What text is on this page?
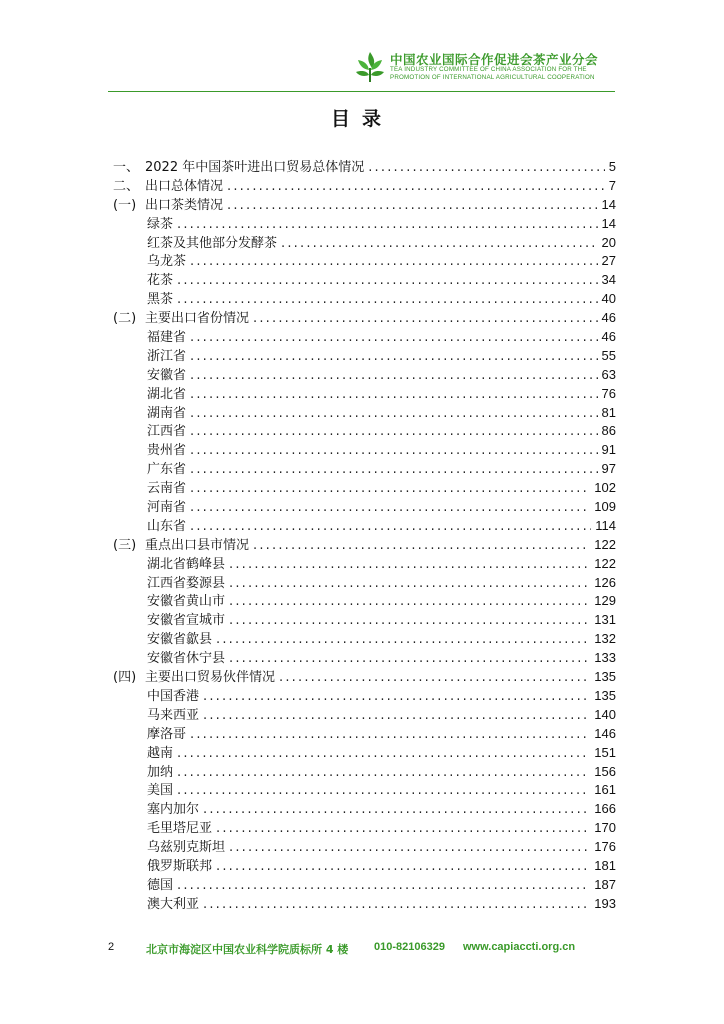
中国农业国际合作促进会茶产业分会
TEA INDUSTRY COMMITTEE OF CHINA ASSOCIATION FOR THE
PROMOTION OF INTERNATIONAL AGRICULTURAL COOPERATION
目录
一、 2022 年中国茶叶进出口贸易总体情况 .....	5
二、 出口总体情况 .....	7
(一) 出口茶类情况 .....	14
绿茶 .....	14
红茶及其他部分发酵茶 .....	20
乌龙茶 .....	27
花茶 .....	34
黑茶 .....	40
(二) 主要出口省份情况 .....	46
福建省 .....	46
浙江省 .....	55
安徽省 .....	63
湖北省 .....	76
湖南省 .....	81
江西省 .....	86
贵州省 .....	91
广东省 .....	97
云南省 .....	102
河南省 .....	109
山东省 .....	114
(三) 重点出口县市情况 .....	122
湖北省鹤峰县 .....	122
江西省婺源县 .....	126
安徽省黄山市 .....	129
安徽省宣城市 .....	131
安徽省歙县 .....	132
安徽省休宁县 .....	133
(四) 主要出口贸易伙伴情况 .....	135
中国香港 .....	135
马来西亚 .....	140
摩洛哥 .....	146
越南 .....	151
加纳 .....	156
美国 .....	161
塞内加尔 .....	166
毛里塔尼亚 .....	170
乌兹别克斯坦 .....	176
俄罗斯联邦 .....	181
德国 .....	187
澳大利亚 .....	193
2	北京市海淀区中国农业科学院质标所 4 楼 010-82106329 www.capiaccti.org.cn
